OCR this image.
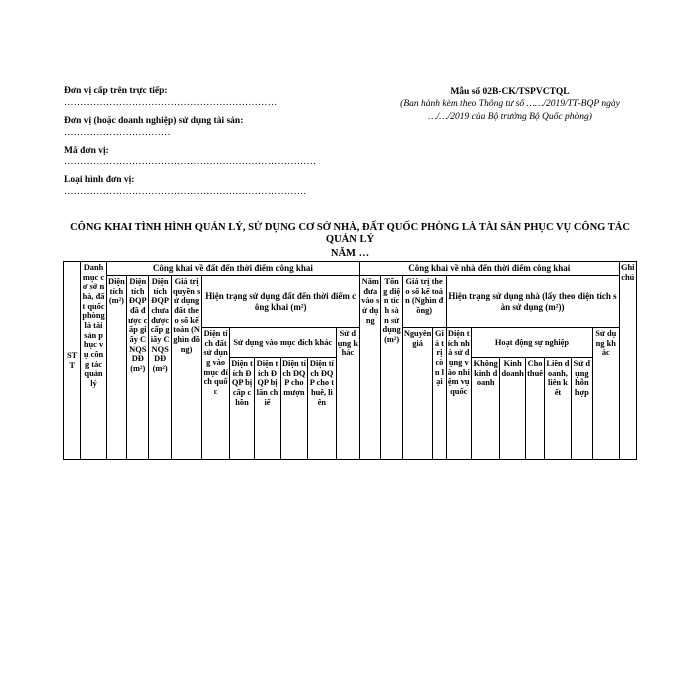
Đơn vị cấp trên trực tiếp:

…………………………………………………………

Đơn vị (hoặc doanh nghiệp) sử dụng tài sản:

……………………………

Mã đơn vị:

……………………………………………………………………

Loại hình đơn vị:

…………………………………………………………………

Mẫu số 02B-CK/TSPVCTQL
(Ban hành kèm theo Thông tư số ……/2019/TT-BQP ngày
…/…/2019 của Bộ trưởng Bộ Quốc phòng)
CÔNG KHAI TÌNH HÌNH QUẢN LÝ, SỬ DỤNG CƠ SỞ NHÀ, ĐẤT QUỐC PHÒNG LÀ TÀI SẢN PHỤC VỤ CÔNG TÁC QUẢN LÝ
NĂM …
STT	Danh mục cơ sở nhà, đất quốc phòng là tài sản phục vụ công tác quản lý	Công khai về đất đến thời điểm công khai										Công khai về nhà đến thời điểm công khai											Ghi chú
		Diện tích (m²)	Diện tích ĐQP đã được cấp giấy CNQSDĐ (m²)	Diện tích ĐQP chưa được cấp giấy CNQSDĐ (m²)	Giá trị quyền sử dụng đất theo số kế toán (Nghìn đồng)	Hiện trạng sử dụng đất đến thời điểm công khai (m²)						Năm đưa vào sử dụng	Tổng diện tích sàn sử dụng (m²)	Giá trị theo số kế toán (Nghìn đồng)		Hiện trạng sử dụng nhà (lấy theo diện tích sàn sử dụng (m²))							
						Diện tích đất sử dụng vào mục đích quốc	Sử dụng vào mục đích khác				Sử dụng khác			Nguyên giá	Giá trị còn lại	Diện tích nhà sử dụng vào nhiệm vụ quốc	Hoạt động sự nghiệp					Sử dụng khác	
							Diện tích ĐQP bị cấp chồn	Diện tích ĐQP bị lấn chiế	Diện tích ĐQP cho mượn	Diện tích ĐQP cho thuê, liên							Không kinh doanh	Kinh doanh	Cho thuê	Liên doanh, liên kết	Sử dụng hỗn hợp		
